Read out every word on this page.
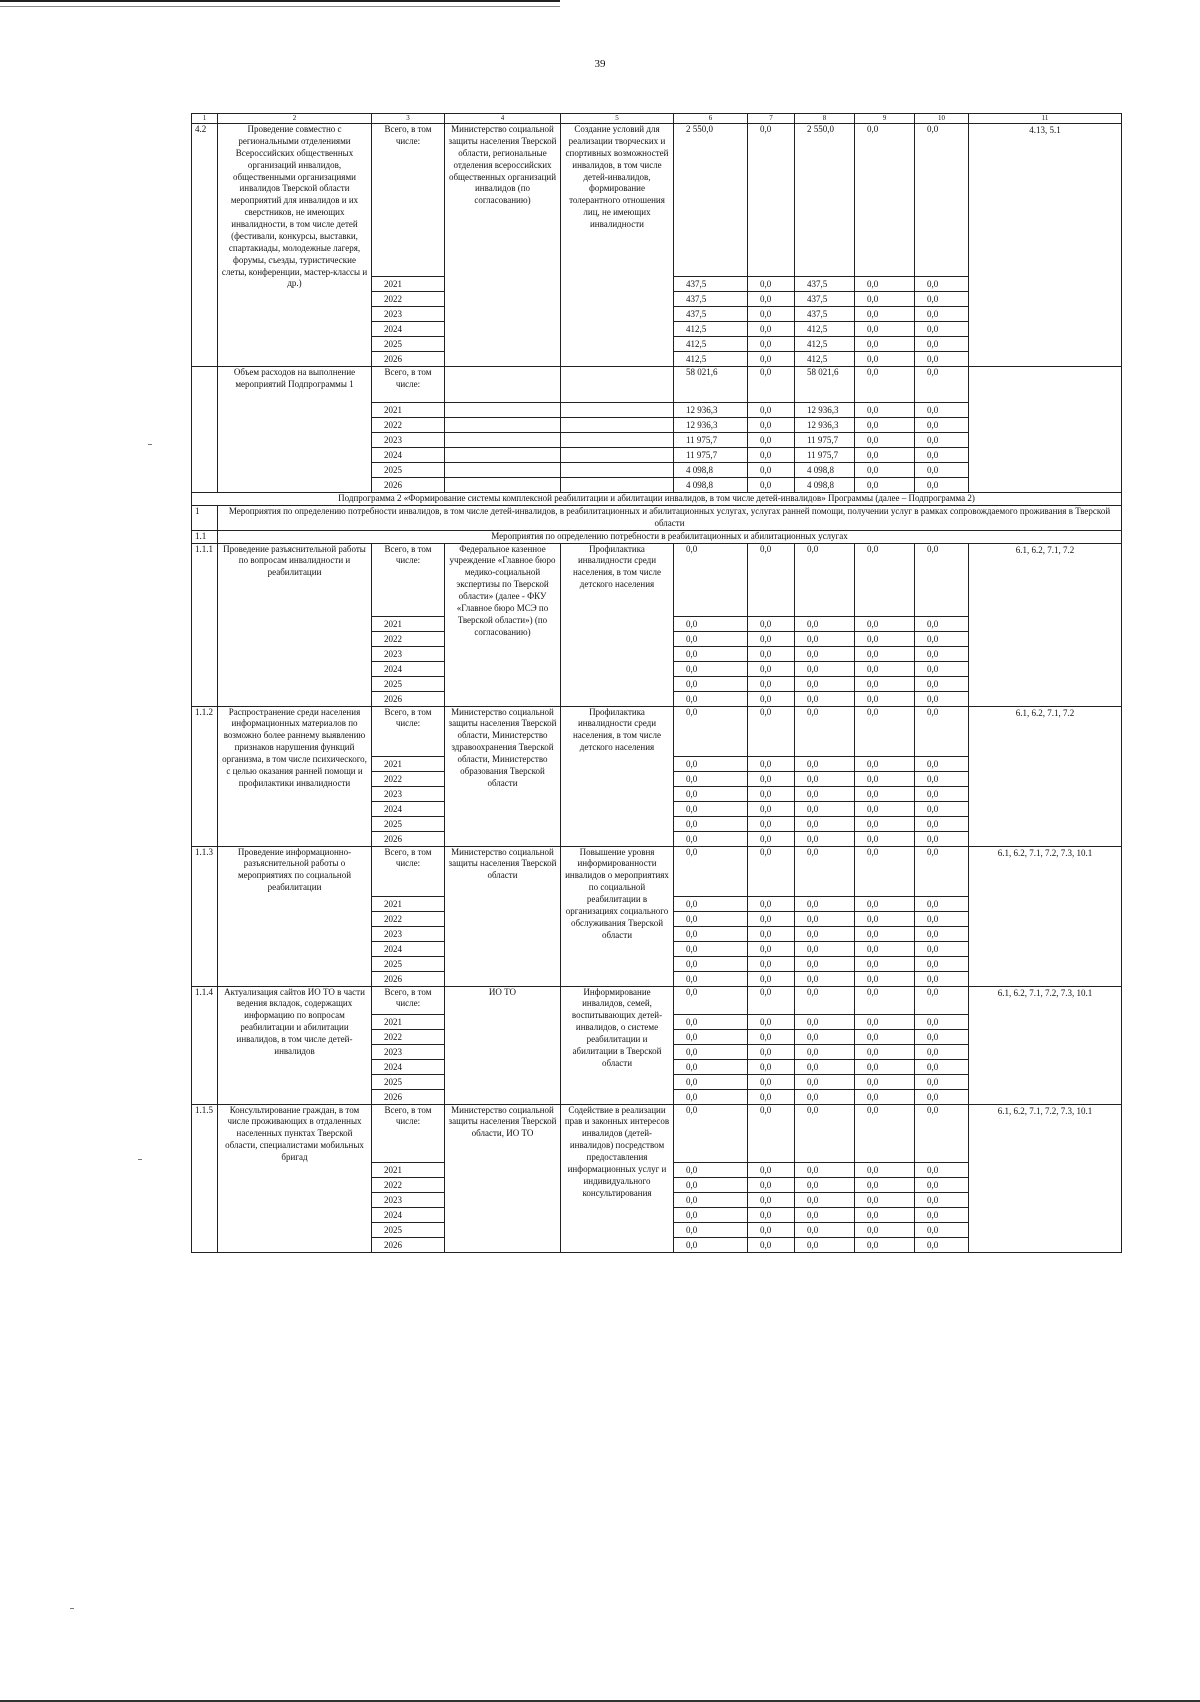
39
1	2	3	4	5	6	7	8	9	10	11
4.2	Проведение совместно с региональными отделениями Всероссийских общественных организаций инвалидов, общественными организациями инвалидов Тверской области мероприятий для инвалидов и их сверстников, не имеющих инвалидности, в том числе детей (фестивали, конкурсы, выставки, спартакиады, молодежные лагеря, форумы, съезды, туристические слеты, конференции, мастер-классы и др.)	Всего, в том числе:	Министерство социальной защиты населения Тверской области, региональные отделения всероссийских общественных организаций инвалидов (по согласованию)	Создание условий для реализации творческих и спортивных возможностей инвалидов, в том числе детей-инвалидов, формирование толерантного отношения лиц, не имеющих инвалидности	2 550,0	0,0	2 550,0	0,0	0,0	4.13, 5.1
		2021			437,5	0,0	437,5	0,0	0,0	
		2022			437,5	0,0	437,5	0,0	0,0	
		2023			437,5	0,0	437,5	0,0	0,0	
		2024			412,5	0,0	412,5	0,0	0,0	
		2025			412,5	0,0	412,5	0,0	0,0	
		2026			412,5	0,0	412,5	0,0	0,0	
	Объем расходов на выполнение мероприятий Подпрограммы 1	Всего, в том числе:			58 021,6	0,0	58 021,6	0,0	0,0	
		2021			12 936,3	0,0	12 936,3	0,0	0,0	
		2022			12 936,3	0,0	12 936,3	0,0	0,0	
		2023			11 975,7	0,0	11 975,7	0,0	0,0	
		2024			11 975,7	0,0	11 975,7	0,0	0,0	
		2025			4 098,8	0,0	4 098,8	0,0	0,0	
		2026			4 098,8	0,0	4 098,8	0,0	0,0	
Подпрограмма 2 «Формирование системы комплексной реабилитации и абилитации инвалидов, в том числе детей-инвалидов» Программы (далее – Подпрограмма 2)										
1	Мероприятия по определению потребности инвалидов, в том числе детей-инвалидов, в реабилитационных и абилитационных услугах, услугах ранней помощи, получении услуг в рамках сопровождаемого проживания в Тверской области									
1.1	Мероприятия по определению потребности в реабилитационных и абилитационных услугах									
1.1.1	Проведение разъяснительной работы по вопросам инвалидности и реабилитации	Всего, в том числе:	Федеральное казенное учреждение «Главное бюро медико-социальной экспертизы по Тверской области» (далее - ФКУ «Главное бюро МСЭ по Тверской области») (по согласованию)	Профилактика инвалидности среди населения, в том числе детского населения	0,0	0,0	0,0	0,0	0,0	6.1, 6.2, 7.1, 7.2
		2021			0,0	0,0	0,0	0,0	0,0	
		2022			0,0	0,0	0,0	0,0	0,0	
		2023			0,0	0,0	0,0	0,0	0,0	
		2024			0,0	0,0	0,0	0,0	0,0	
		2025			0,0	0,0	0,0	0,0	0,0	
		2026			0,0	0,0	0,0	0,0	0,0	
1.1.2	Распространение среди населения информационных материалов по возможно более раннему выявлению признаков нарушения функций организма, в том числе психического, с целью оказания ранней помощи и профилактики инвалидности	Всего, в том числе:	Министерство социальной защиты населения Тверской области, Министерство здравоохранения Тверской области, Министерство образования Тверской области	Профилактика инвалидности среди населения, в том числе детского населения	0,0	0,0	0,0	0,0	0,0	6.1, 6.2, 7.1, 7.2
		2021			0,0	0,0	0,0	0,0	0,0	
		2022			0,0	0,0	0,0	0,0	0,0	
		2023			0,0	0,0	0,0	0,0	0,0	
		2024			0,0	0,0	0,0	0,0	0,0	
		2025			0,0	0,0	0,0	0,0	0,0	
		2026			0,0	0,0	0,0	0,0	0,0	
1.1.3	Проведение информационно-разъяснительной работы о мероприятиях по социальной реабилитации	Всего, в том числе:	Министерство социальной защиты населения Тверской области	Повышение уровня информированности инвалидов о мероприятиях по социальной реабилитации в организациях социального обслуживания Тверской области	0,0	0,0	0,0	0,0	0,0	6.1, 6.2, 7.1, 7.2, 7.3, 10.1
		2021			0,0	0,0	0,0	0,0	0,0	
		2022			0,0	0,0	0,0	0,0	0,0	
		2023			0,0	0,0	0,0	0,0	0,0	
		2024			0,0	0,0	0,0	0,0	0,0	
		2025			0,0	0,0	0,0	0,0	0,0	
		2026			0,0	0,0	0,0	0,0	0,0	
1.1.4	Актуализация сайтов ИО ТО в части ведения вкладок, содержащих информацию по вопросам реабилитации и абилитации инвалидов, в том числе детей-инвалидов	Всего, в том числе:	ИО ТО	Информирование инвалидов, семей, воспитывающих детей-инвалидов, о системе реабилитации и абилитации в Тверской области	0,0	0,0	0,0	0,0	0,0	6.1, 6.2, 7.1, 7.2, 7.3, 10.1
		2021			0,0	0,0	0,0	0,0	0,0	
		2022			0,0	0,0	0,0	0,0	0,0	
		2023			0,0	0,0	0,0	0,0	0,0	
		2024			0,0	0,0	0,0	0,0	0,0	
		2025			0,0	0,0	0,0	0,0	0,0	
		2026			0,0	0,0	0,0	0,0	0,0	
1.1.5	Консультирование граждан, в том числе проживающих в отдаленных населенных пунктах Тверской области, специалистами мобильных бригад	Всего, в том числе:	Министерство социальной защиты населения Тверской области, ИО ТО	Содействие в реализации прав и законных интересов инвалидов (детей-инвалидов) посредством предоставления информационных услуг и индивидуального консультирования	0,0	0,0	0,0	0,0	0,0	6.1, 6.2, 7.1, 7.2, 7.3, 10.1
		2021			0,0	0,0	0,0	0,0	0,0	
		2022			0,0	0,0	0,0	0,0	0,0	
		2023			0,0	0,0	0,0	0,0	0,0	
		2024			0,0	0,0	0,0	0,0	0,0	
		2025			0,0	0,0	0,0	0,0	0,0	
		2026			0,0	0,0	0,0	0,0	0,0	
